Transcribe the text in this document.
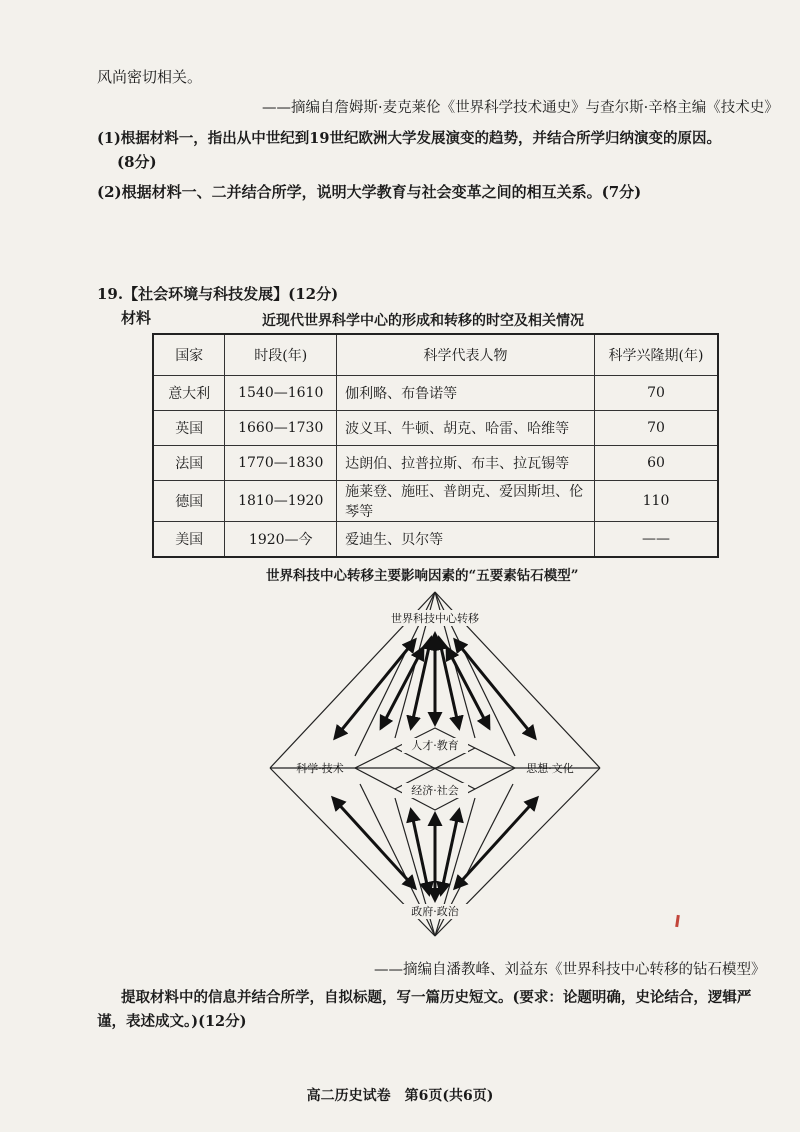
风尚密切相关。
——摘编自詹姆斯·麦克莱伦《世界科学技术通史》与查尔斯·辛格主编《技术史》
(1)根据材料一，指出从中世纪到19世纪欧洲大学发展演变的趋势，并结合所学归纳演变的原因。
(8分)
(2)根据材料一、二并结合所学，说明大学教育与社会变革之间的相互关系。(7分)
19.【社会环境与科技发展】(12分)
材料	近现代世界科学中心的形成和转移的时空及相关情况
国家	时段(年)	科学代表人物	科学兴隆期(年)
意大利	1540—1610	伽利略、布鲁诺等	70
英国	1660—1730	波义耳、牛顿、胡克、哈雷、哈维等	70
法国	1770—1830	达朗伯、拉普拉斯、布丰、拉瓦锡等	60
德国	1810—1920	施莱登、施旺、普朗克、爱因斯坦、伦琴等	110
美国	1920—今	爱迪生、贝尔等	——
世界科技中心转移主要影响因素的“五要素钻石模型”
世界科技中心转移
人才·教育
科学·技术	思想·文化
经济·社会
政府·政治
——摘编自潘教峰、刘益东《世界科技中心转移的钻石模型》
提取材料中的信息并结合所学，自拟标题，写一篇历史短文。(要求：论题明确，史论结合，逻辑严
谨，表述成文。)(12分)
高二历史试卷　第6页(共6页)
